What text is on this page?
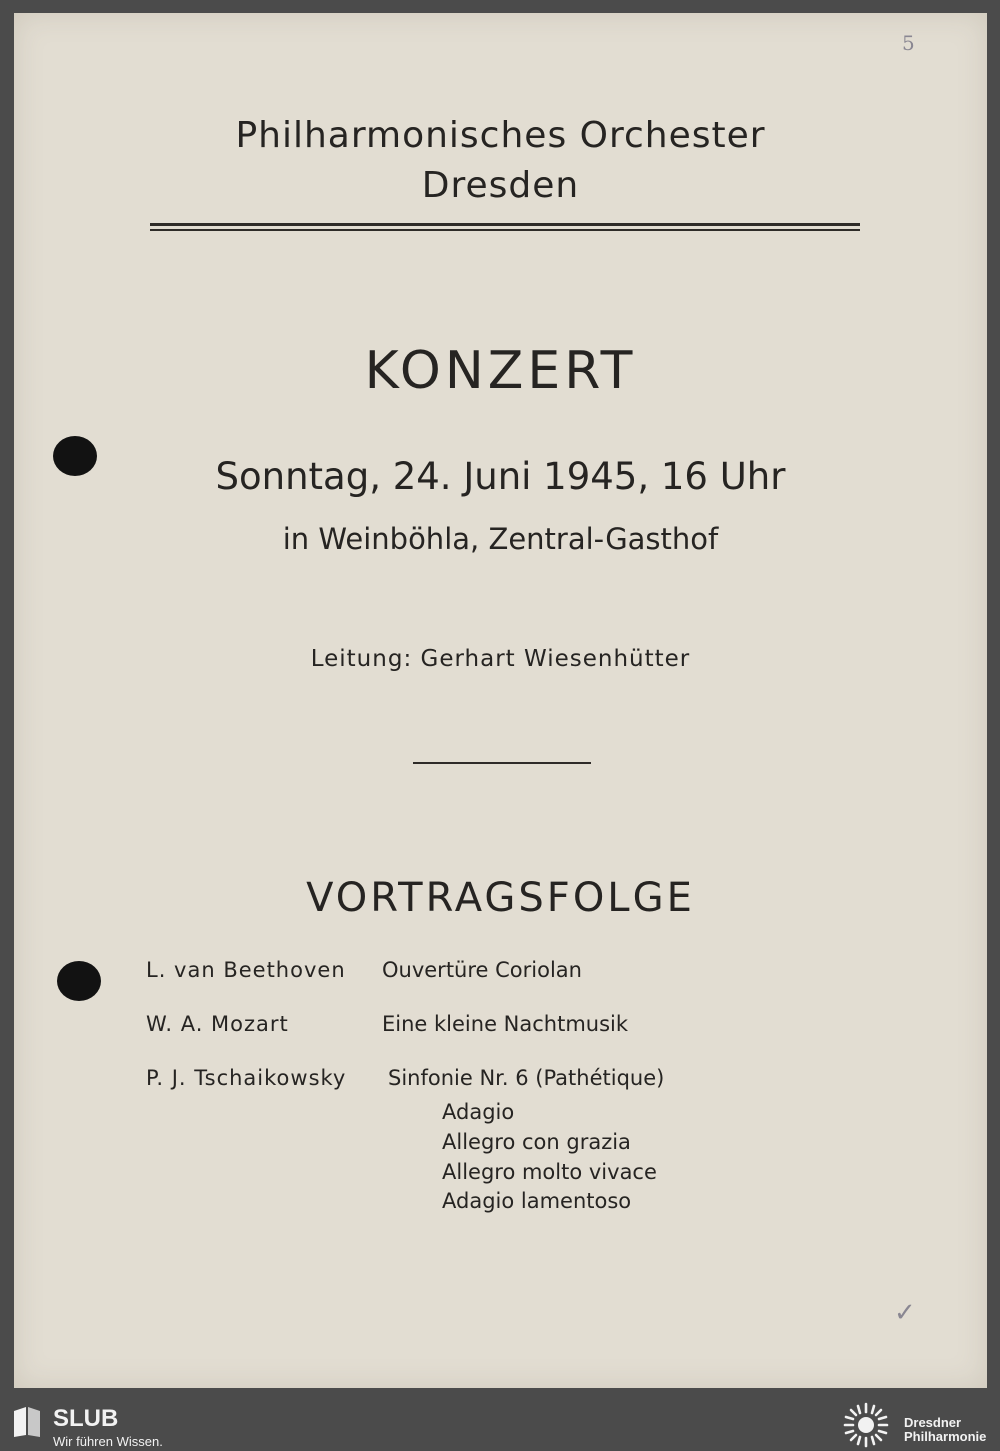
5
✓
Philharmonisches Orchester
Dresden
KONZERT
Sonntag, 24. Juni 1945, 16 Uhr
in Weinböhla, Zentral-Gasthof
Leitung: Gerhart Wiesenhütter
VORTRAGSFOLGE
L. van Beethoven Ouvertüre Coriolan
W. A. Mozart	Eine kleine Nachtmusik
P. J. Tschaikowsky Sinfonie Nr. 6 (Pathétique)
Adagio
Allegro con grazia
Allegro molto vivace
Adagio lamentoso
SLUB
Wir führen Wissen.
Dresdner
Philharmonie
